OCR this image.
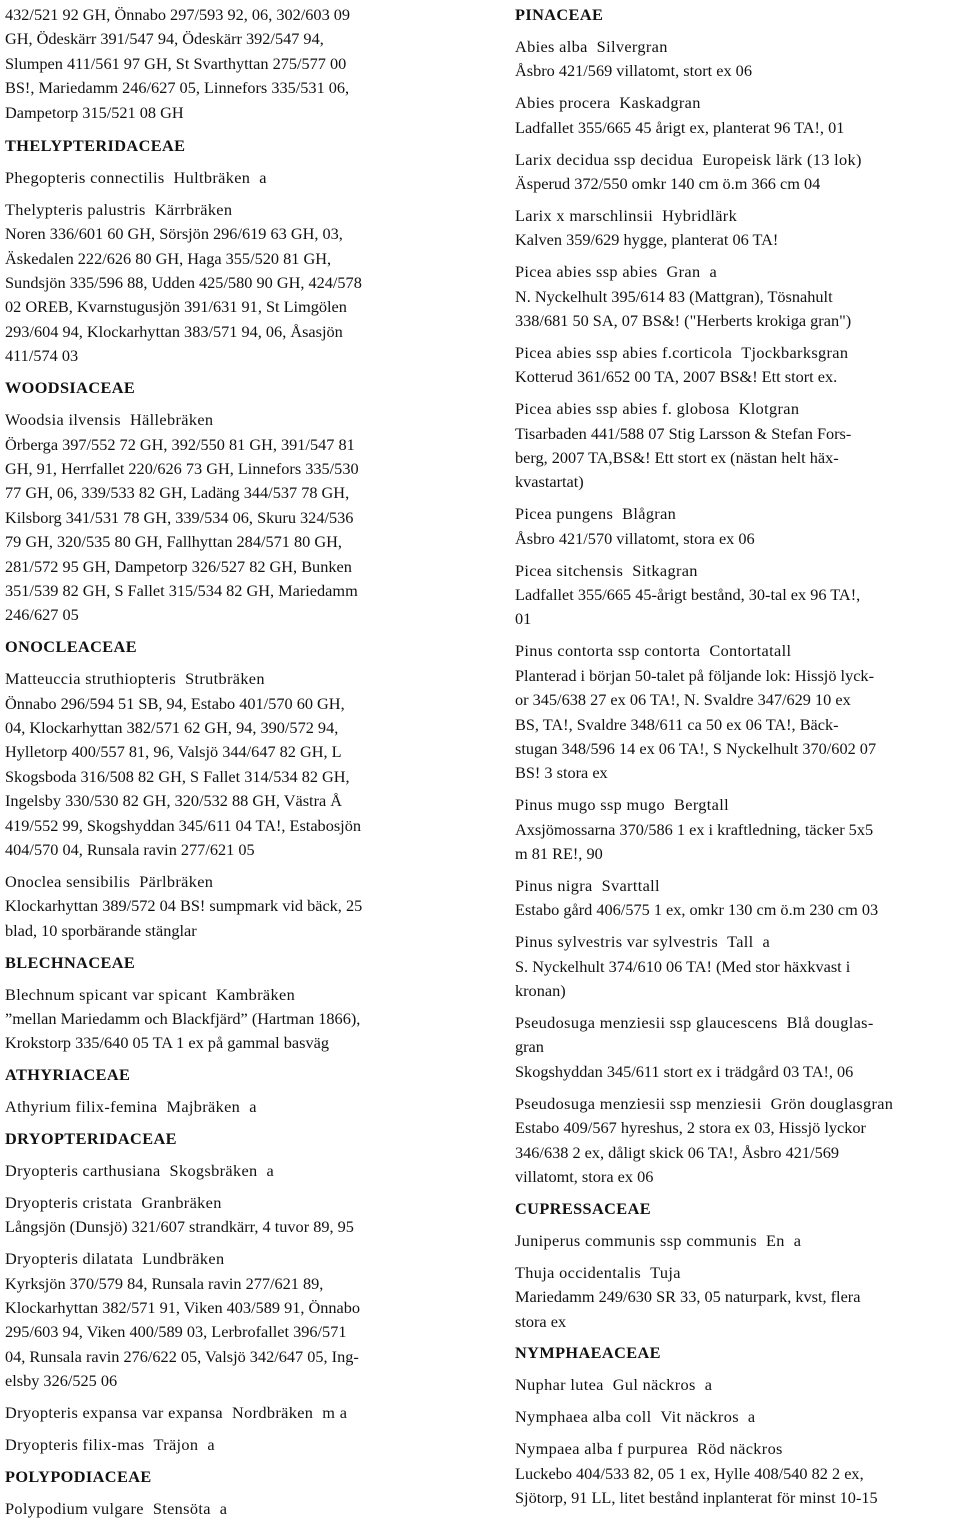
432/521 92 GH, Önnabo 297/593 92, 06, 302/603 09
GH, Ödeskärr 391/547 94, Ödeskärr 392/547 94,
Slumpen 411/561 97 GH, St Svarthyttan 275/577 00
BS!, Mariedamm 246/627 05, Linnefors 335/531 06,
Dampetorp 315/521 08 GH
THELYPTERIDACEAE
Phegopteris connectilis Hultbräken a
Thelypteris palustris Kärrbräken
Noren 336/601 60 GH, Sörsjön 296/619 63 GH, 03,
Äskedalen 222/626 80 GH, Haga 355/520 81 GH,
Sundsjön 335/596 88, Udden 425/580 90 GH, 424/578
02 OREB, Kvarnstugusjön 391/631 91, St Limgölen
293/604 94, Klockarhyttan 383/571 94, 06, Åsasjön
411/574 03
WOODSIACEAE
Woodsia ilvensis Hällebräken
Örberga 397/552 72 GH, 392/550 81 GH, 391/547 81
GH, 91, Herrfallet 220/626 73 GH, Linnefors 335/530
77 GH, 06, 339/533 82 GH, Ladäng 344/537 78 GH,
Kilsborg 341/531 78 GH, 339/534 06, Skuru 324/536
79 GH, 320/535 80 GH, Fallhyttan 284/571 80 GH,
281/572 95 GH, Dampetorp 326/527 82 GH, Bunken
351/539 82 GH, S Fallet 315/534 82 GH, Mariedamm
246/627 05
ONOCLEACEAE
Matteuccia struthiopteris Strutbräken
Önnabo 296/594 51 SB, 94, Estabo 401/570 60 GH,
04, Klockarhyttan 382/571 62 GH, 94, 390/572 94,
Hylletorp 400/557 81, 96, Valsjö 344/647 82 GH, L
Skogsboda 316/508 82 GH, S Fallet 314/534 82 GH,
Ingelsby 330/530 82 GH, 320/532 88 GH, Västra Å
419/552 99, Skogshyddan 345/611 04 TA!, Estabosjön
404/570 04, Runsala ravin 277/621 05
Onoclea sensibilis Pärlbräken
Klockarhyttan 389/572 04 BS! sumpmark vid bäck, 25
blad, 10 sporbärande stänglar
BLECHNACEAE
Blechnum spicant var spicant Kambräken
”mellan Mariedamm och Blackfjärd” (Hartman 1866),
Krokstorp 335/640 05 TA 1 ex på gammal basväg
ATHYRIACEAE
Athyrium filix-femina Majbräken a
DRYOPTERIDACEAE
Dryopteris carthusiana Skogsbräken a
Dryopteris cristata Granbräken
Långsjön (Dunsjö) 321/607 strandkärr, 4 tuvor 89, 95
Dryopteris dilatata Lundbräken
Kyrksjön 370/579 84, Runsala ravin 277/621 89,
Klockarhyttan 382/571 91, Viken 403/589 91, Önnabo
295/603 94, Viken 400/589 03, Lerbrofallet 396/571
04, Runsala ravin 276/622 05, Valsjö 342/647 05, Ing-
elsby 326/525 06
Dryopteris expansa var expansa Nordbräken m a
Dryopteris filix-mas Träjon a
POLYPODIACEAE
Polypodium vulgare Stensöta a
PINACEAE
Abies alba Silvergran
Åsbro 421/569 villatomt, stort ex 06
Abies procera Kaskadgran
Ladfallet 355/665 45 årigt ex, planterat 96 TA!, 01
Larix decidua ssp decidua Europeisk lärk (13 lok)
Äsperud 372/550 omkr 140 cm ö.m 366 cm 04
Larix x marschlinsii Hybridlärk
Kalven 359/629 hygge, planterat 06 TA!
Picea abies ssp abies Gran a
N. Nyckelhult 395/614 83 (Mattgran), Tösnahult
338/681 50 SA, 07 BS&! ("Herberts krokiga gran")
Picea abies ssp abies f.corticola Tjockbarksgran
Kotterud 361/652 00 TA, 2007 BS&! Ett stort ex.
Picea abies ssp abies f. globosa Klotgran
Tisarbaden 441/588 07 Stig Larsson & Stefan Fors-
berg, 2007 TA,BS&! Ett stort ex (nästan helt häx-
kvastartat)
Picea pungens Blågran
Åsbro 421/570 villatomt, stora ex 06
Picea sitchensis Sitkagran
Ladfallet 355/665 45-årigt bestånd, 30-tal ex 96 TA!,
01
Pinus contorta ssp contorta Contortatall
Planterad i början 50-talet på följande lok: Hissjö lyck-
or 345/638 27 ex 06 TA!, N. Svaldre 347/629 10 ex
BS, TA!, Svaldre 348/611 ca 50 ex 06 TA!, Bäck-
stugan 348/596 14 ex 06 TA!, S Nyckelhult 370/602 07
BS! 3 stora ex
Pinus mugo ssp mugo Bergtall
Axsjömossarna 370/586 1 ex i kraftledning, täcker 5x5
m 81 RE!, 90
Pinus nigra Svarttall
Estabo gård 406/575 1 ex, omkr 130 cm ö.m 230 cm 03
Pinus sylvestris var sylvestris Tall a
S. Nyckelhult 374/610 06 TA! (Med stor häxkvast i
kronan)
Pseudosuga menziesii ssp glaucescens Blå douglas-
gran
Skogshyddan 345/611 stort ex i trädgård 03 TA!, 06
Pseudosuga menziesii ssp menziesii Grön douglasgran
Estabo 409/567 hyreshus, 2 stora ex 03, Hissjö lyckor
346/638 2 ex, dåligt skick 06 TA!, Åsbro 421/569
villatomt, stora ex 06
CUPRESSACEAE
Juniperus communis ssp communis En a
Thuja occidentalis Tuja
Mariedamm 249/630 SR 33, 05 naturpark, kvst, flera
stora ex
NYMPHAEACEAE
Nuphar lutea Gul näckros a
Nymphaea alba coll Vit näckros a
Nympaea alba f purpurea Röd näckros
Luckebo 404/533 82, 05 1 ex, Hylle 408/540 82 2 ex,
Sjötorp, 91 LL, litet bestånd inplanterat för minst 10-15
